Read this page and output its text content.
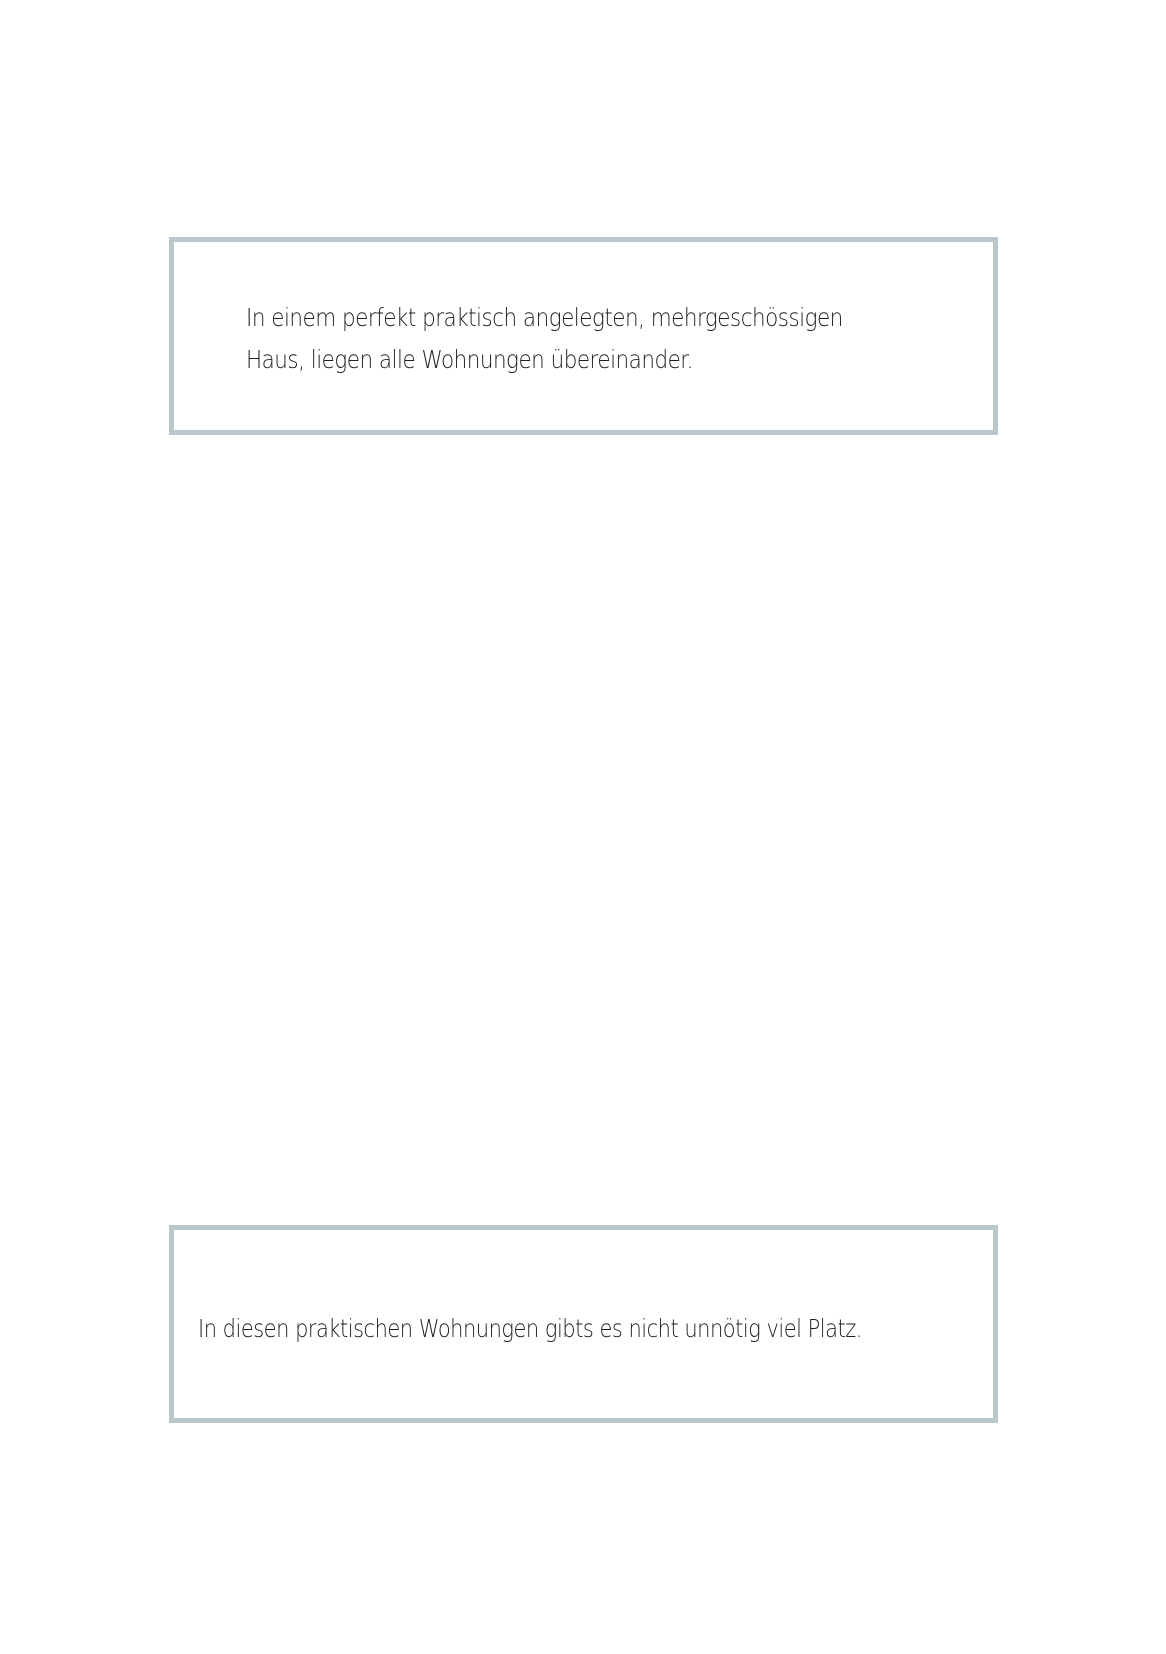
In einem perfekt praktisch angelegten, mehrgeschössigen
Haus, liegen alle Wohnungen übereinander.

In diesen praktischen Wohnungen gibts es nicht unnötig viel Platz.
